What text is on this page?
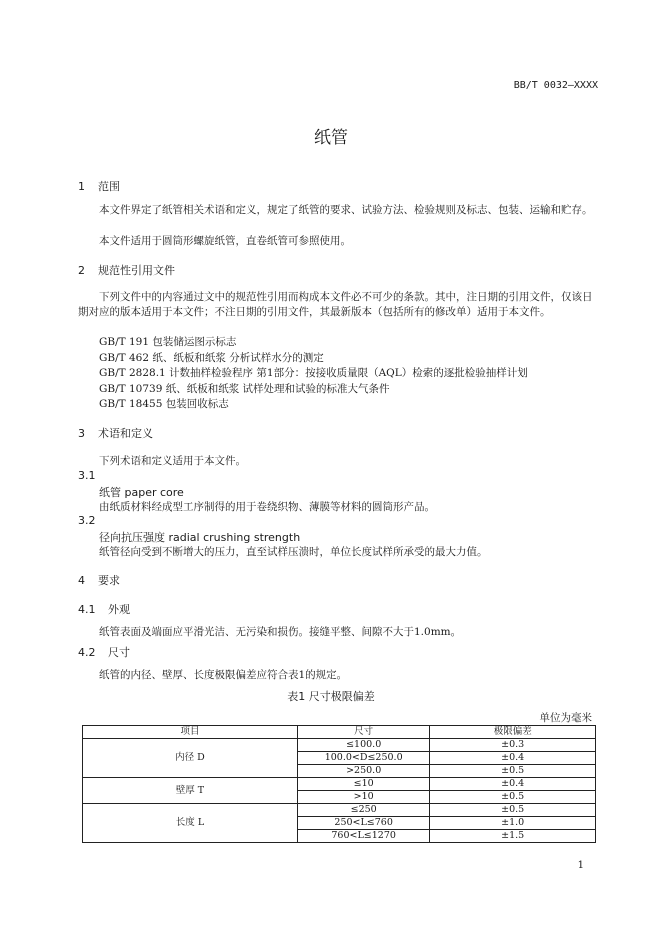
BB/T 0032—XXXX
纸管
1 范围
本文件界定了纸管相关术语和定义，规定了纸管的要求、试验方法、检验规则及标志、包装、运输和贮存。
本文件适用于圆筒形螺旋纸管，直卷纸管可参照使用。
2 规范性引用文件
下列文件中的内容通过文中的规范性引用而构成本文件必不可少的条款。其中，注日期的引用文件，仅该日期对应的版本适用于本文件；不注日期的引用文件，其最新版本（包括所有的修改单）适用于本文件。
GB/T 191 包装储运图示标志
GB/T 462 纸、纸板和纸浆 分析试样水分的测定
GB/T 2828.1 计数抽样检验程序 第1部分：按接收质量限（AQL）检索的逐批检验抽样计划
GB/T 10739 纸、纸板和纸浆 试样处理和试验的标准大气条件
GB/T 18455 包装回收标志
3 术语和定义
下列术语和定义适用于本文件。
3.1
纸管 paper core
由纸质材料经成型工序制得的用于卷绕织物、薄膜等材料的圆筒形产品。
3.2
径向抗压强度 radial crushing strength
纸管径向受到不断增大的压力，直至试样压溃时，单位长度试样所承受的最大力值。
4 要求
4.1 外观
纸管表面及端面应平滑光洁、无污染和损伤。接缝平整、间隙不大于1.0mm。
4.2 尺寸
纸管的内径、壁厚、长度极限偏差应符合表1的规定。
表1 尺寸极限偏差
单位为毫米
项目	尺寸	极限偏差
内径 D	≤100.0	±0.3
	100.0<D≤250.0	±0.4
	>250.0	±0.5
壁厚 T	≤10	±0.4
	>10	±0.5
长度 L	≤250	±0.5
	250<L≤760	±1.0
	760<L≤1270	±1.5
1
